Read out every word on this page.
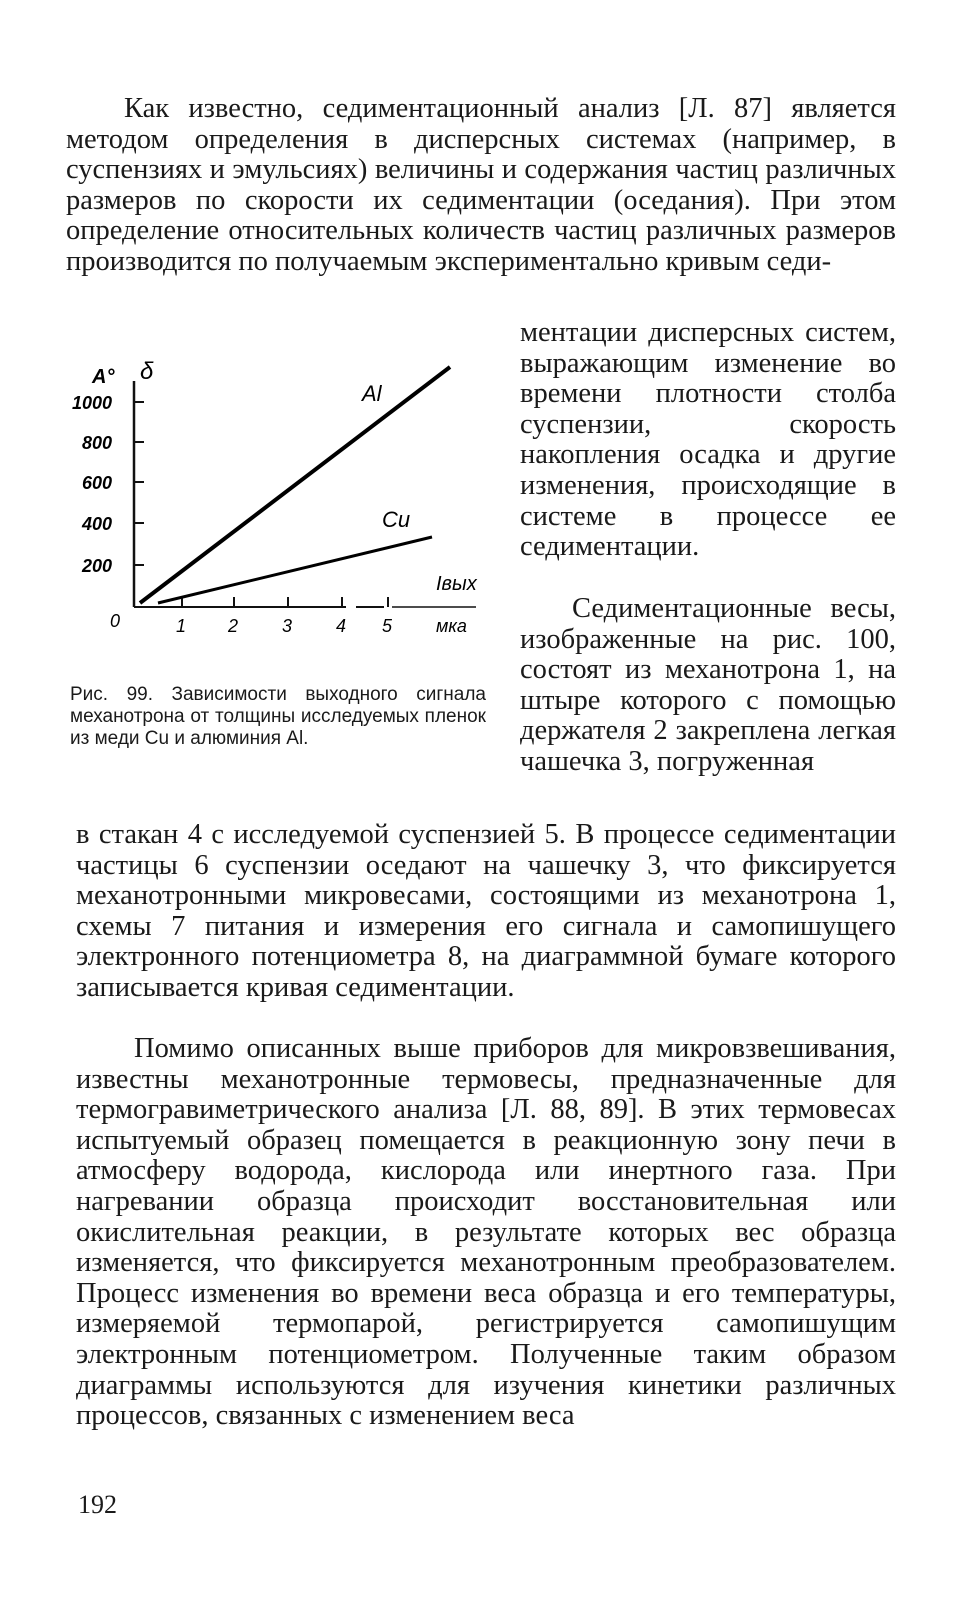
Как известно, седиментационный анализ [Л. 87] является методом определения в дисперсных системах (например, в суспензиях и эмульсиях) величины и содержания частиц различных размеров по скорости их седиментации (оседания). При этом определение относительных количеств частиц различных размеров производится по получаемым экспериментально кривым седи-

A° δ
1000
800
600
400
200
0	1 2 3 4 5 мка
Iвых
Al
Cu

Рис. 99. Зависимости выходного сигнала механотрона от толщины исследуемых пленок из меди Cu и алюминия Al.

ментации дисперсных систем, выражающим изменение во времени плотности столба суспензии, скорость накопления осадка и другие изменения, происходящие в системе в процессе ее седиментации.

Седиментационные весы, изображенные на рис. 100, состоят из механотрона 1, на штыре которого с помощью держателя 2 закреплена легкая чашечка 3, погруженная

в стакан 4 с исследуемой суспензией 5. В процессе седиментации частицы 6 суспензии оседают на чашечку 3, что фиксируется механотронными микровесами, состоящими из механотрона 1, схемы 7 питания и измерения его сигнала и самопишущего электронного потенциометра 8, на диаграммной бумаге которого записывается кривая седиментации.

Помимо описанных выше приборов для микровзвешивания, известны механотронные термовесы, предназначенные для термогравиметрического анализа [Л. 88, 89]. В этих термовесах испытуемый образец помещается в реакционную зону печи в атмосферу водорода, кислорода или инертного газа. При нагревании образца происходит восстановительная или окислительная реакции, в результате которых вес образца изменяется, что фиксируется механотронным преобразователем. Процесс изменения во времени веса образца и его температуры, измеряемой термопарой, регистрируется самопишущим электронным потенциометром. Полученные таким образом диаграммы используются для изучения кинетики различных процессов, связанных с изменением веса

192
